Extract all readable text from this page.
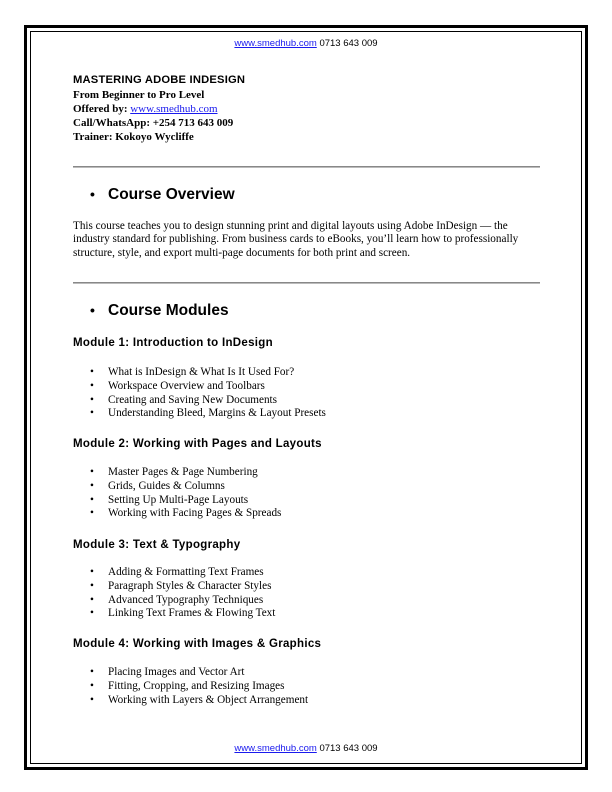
www.smedhub.com 0713 643 009
MASTERING ADOBE INDESIGN
From Beginner to Pro Level
Offered by: www.smedhub.com
Call/WhatsApp: +254 713 643 009
Trainer: Kokoyo Wycliffe
• Course Overview
This course teaches you to design stunning print and digital layouts using Adobe InDesign — the industry standard for publishing. From business cards to eBooks, you’ll learn how to professionally structure, style, and export multi-page documents for both print and screen.
• Course Modules
Module 1: Introduction to InDesign
• What is InDesign & What Is It Used For?
• Workspace Overview and Toolbars
• Creating and Saving New Documents
• Understanding Bleed, Margins & Layout Presets
Module 2: Working with Pages and Layouts
• Master Pages & Page Numbering
• Grids, Guides & Columns
• Setting Up Multi-Page Layouts
• Working with Facing Pages & Spreads
Module 3: Text & Typography
• Adding & Formatting Text Frames
• Paragraph Styles & Character Styles
• Advanced Typography Techniques
• Linking Text Frames & Flowing Text
Module 4: Working with Images & Graphics
• Placing Images and Vector Art
• Fitting, Cropping, and Resizing Images
• Working with Layers & Object Arrangement
www.smedhub.com 0713 643 009
